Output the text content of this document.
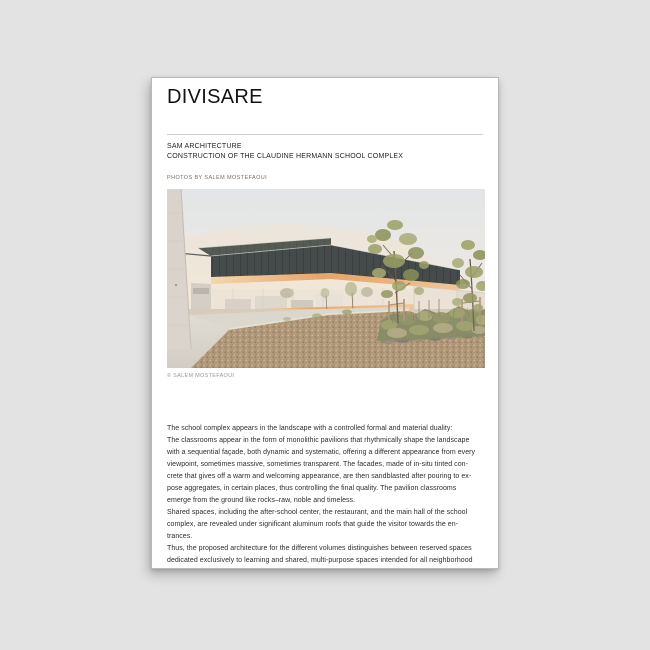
DIVISARE
SAM ARCHITECTURE
CONSTRUCTION OF THE CLAUDINE HERMANN SCHOOL COMPLEX
PHOTOS BY SALEM MOSTEFAOUI
© SALEM MOSTEFAOUI
The school complex appears in the landscape with a controlled formal and material duality:
The classrooms appear in the form of monolithic pavilions that rhythmically shape the landscape
with a sequential façade, both dynamic and systematic, offering a different appearance from every
viewpoint, sometimes massive, sometimes transparent. The facades, made of in-situ tinted con-
crete that gives off a warm and welcoming appearance, are then sandblasted after pouring to ex-
pose aggregates, in certain places, thus controlling the final quality. The pavilion classrooms
emerge from the ground like rocks–raw, noble and timeless.
Shared spaces, including the after-school center, the restaurant, and the main hall of the school
complex, are revealed under significant aluminum roofs that guide the visitor towards the en-
trances.
Thus, the proposed architecture for the different volumes distinguishes between reserved spaces
dedicated exclusively to learning and shared, multi-purpose spaces intended for all neighborhood
